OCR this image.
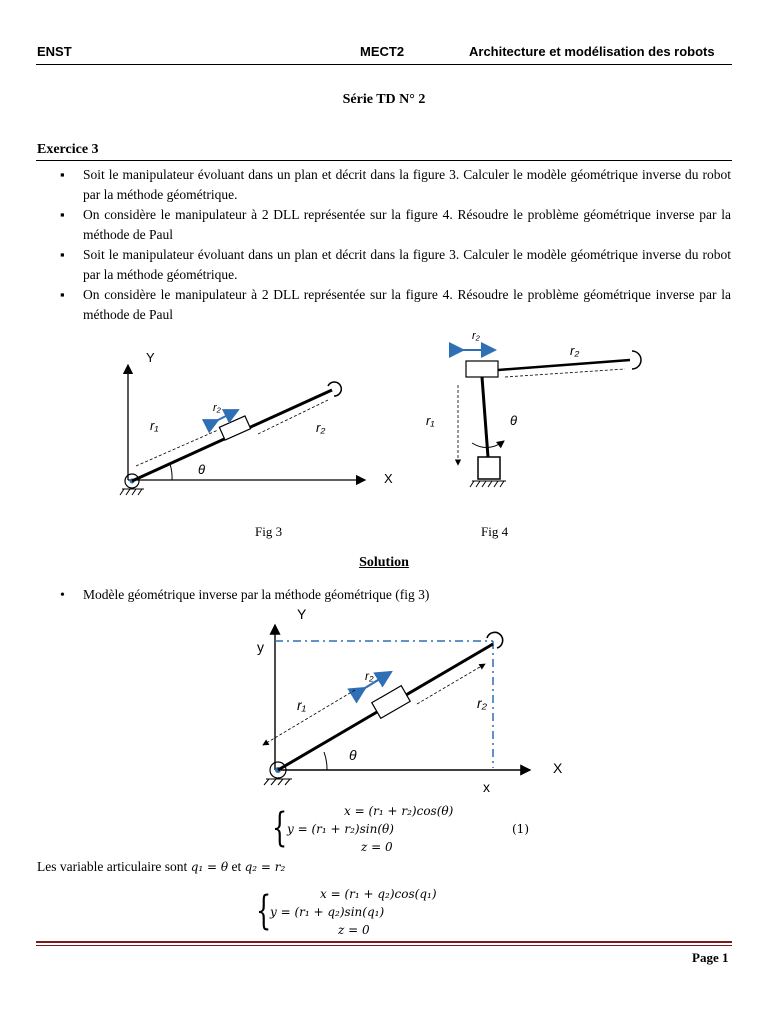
ENST	MECT2	Architecture et modélisation des robots
Série TD N° 2
Exercice 3
▪ Soit le manipulateur évoluant dans un plan et décrit dans la figure 3. Calculer le modèle géométrique inverse du robot par la méthode géométrique.
▪ On considère le manipulateur à 2 DLL représentée sur la figure 4. Résoudre le problème géométrique inverse par la méthode de Paul
▪ Soit le manipulateur évoluant dans un plan et décrit dans la figure 3. Calculer le modèle géométrique inverse du robot par la méthode géométrique.
▪ On considère le manipulateur à 2 DLL représentée sur la figure 4. Résoudre le problème géométrique inverse par la méthode de Paul
Y
X
r₁
r₂
r₂
θ
Fig 3
r₂
r₂
r₁	θ
Fig 4
Solution
• Modèle géométrique inverse par la méthode géométrique (fig 3)
Y
y
X
x
r₁
r₂
r₂
θ
{	x = (r₁ + r₂)cos(θ)
y = (r₁ + r₂)sin(θ)
z = 0
(1)
Les variable articulaire sont q₁ = θ et q₂ = r₂
{	x = (r₁ + q₂)cos(q₁)
y = (r₁ + q₂)sin(q₁)
z = 0
Page 1
